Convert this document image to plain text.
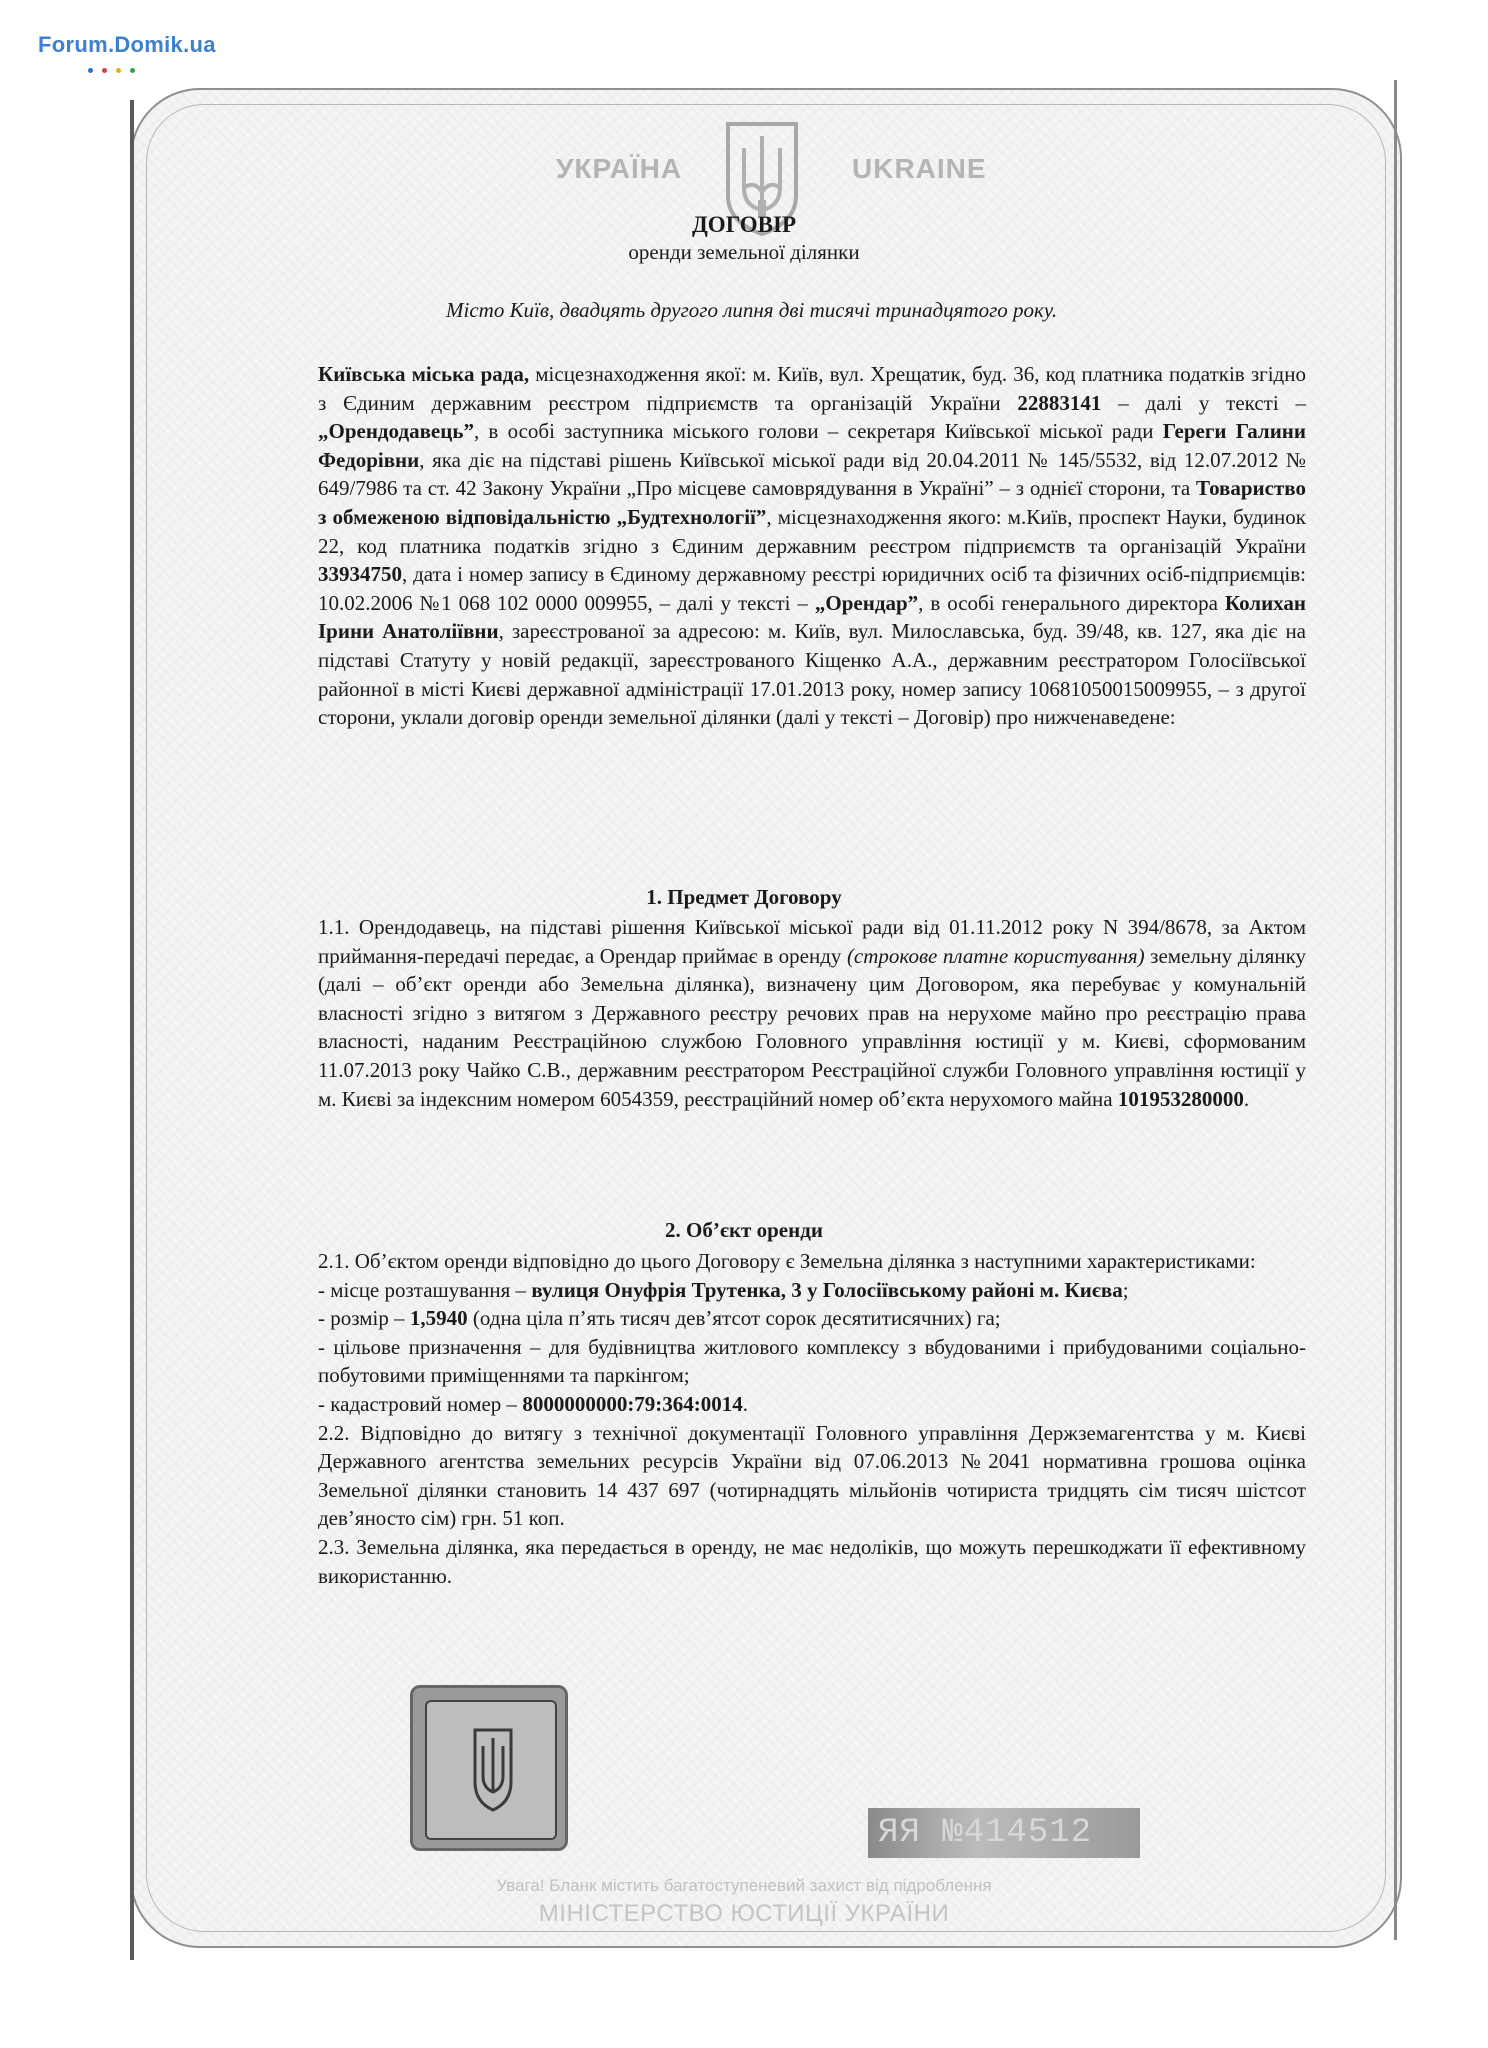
Forum.Domik.ua
УКРАЇНА	UKRAINE
ДОГОВІР
оренди земельної ділянки
Місто Київ, двадцять другого липня дві тисячі тринадцятого року.

Київська міська рада, місцезнаходження якої: м. Київ, вул. Хрещатик, буд. 36, код платника податків згідно з Єдиним державним реєстром підприємств та організацій України 22883141 – далі у тексті – „Орендодавець”, в особі заступника міського голови – секретаря Київської міської ради Гереги Галини Федорівни, яка діє на підставі рішень Київської міської ради від 20.04.2011 № 145/5532, від 12.07.2012 № 649/7986 та ст. 42 Закону України „Про місцеве самоврядування в Україні” – з однієї сторони, та Товариство з обмеженою відповідальністю „Будтехнології”, місцезнаходження якого: м.Київ, проспект Науки, будинок 22, код платника податків згідно з Єдиним державним реєстром підприємств та організацій України 33934750, дата і номер запису в Єдиному державному реєстрі юридичних осіб та фізичних осіб-підприємців: 10.02.2006 №1 068 102 0000 009955, – далі у тексті – „Орендар”, в особі генерального директора Колихан Ірини Анатоліївни, зареєстрованої за адресою: м. Київ, вул. Милославська, буд. 39/48, кв. 127, яка діє на підставі Статуту у новій редакції, зареєстрованого Кіщенко А.А., державним реєстратором Голосіївської районної в місті Києві державної адміністрації 17.01.2013 року, номер запису 10681050015009955, – з другої сторони, уклали договір оренди земельної ділянки (далі у тексті – Договір) про нижченаведене:

1. Предмет Договору

1.1. Орендодавець, на підставі рішення Київської міської ради від 01.11.2012 року N 394/8678, за Актом приймання-передачі передає, а Орендар приймає в оренду (строкове платне користування) земельну ділянку (далі – об’єкт оренди або Земельна ділянка), визначену цим Договором, яка перебуває у комунальній власності згідно з витягом з Державного реєстру речових прав на нерухоме майно про реєстрацію права власності, наданим Реєстраційною службою Головного управління юстиції у м. Києві, сформованим 11.07.2013 року Чайко С.В., державним реєстратором Реєстраційної служби Головного управління юстиції у м. Києві за індексним номером 6054359, реєстраційний номер об’єкта нерухомого майна 101953280000.

2. Об’єкт оренди

2.1. Об’єктом оренди відповідно до цього Договору є Земельна ділянка з наступними характеристиками:

- місце розташування – вулиця Онуфрія Трутенка, 3 у Голосіївському районі м. Києва;

- розмір – 1,5940 (одна ціла п’ять тисяч дев’ятсот сорок десятитисячних) га;

- цільове призначення – для будівництва житлового комплексу з вбудованими і прибудованими соціально-побутовими приміщеннями та паркінгом;

- кадастровий номер – 8000000000:79:364:0014.

2.2. Відповідно до витягу з технічної документації Головного управління Держземагентства у м. Києві Державного агентства земельних ресурсів України від 07.06.2013 №2041 нормативна грошова оцінка Земельної ділянки становить 14 437 697 (чотирнадцять мільйонів чотириста тридцять сім тисяч шістсот дев’яносто сім) грн. 51 коп.

2.3. Земельна ділянка, яка передається в оренду, не має недоліків, що можуть перешкоджати її ефективному використанню.

ЯЯ №414512
Увага! Бланк містить багатоступеневий захист від підроблення
МІНІСТЕРСТВО ЮСТИЦІЇ УКРАЇНИ
